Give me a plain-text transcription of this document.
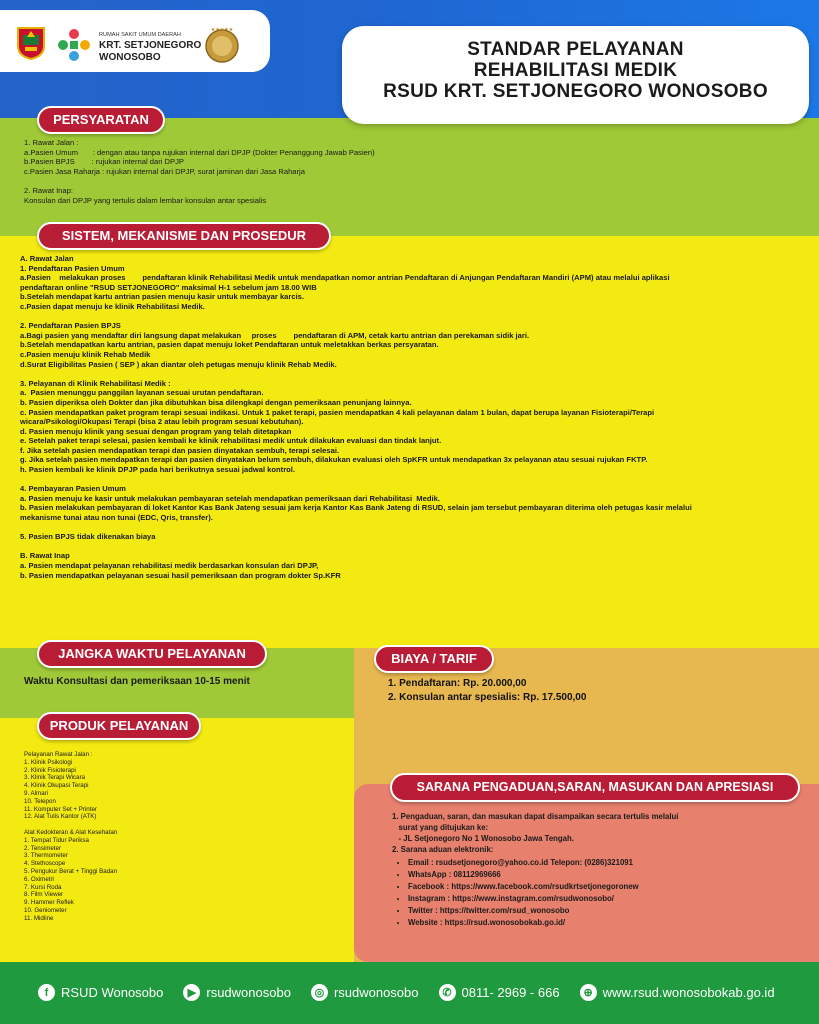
RUMAH SAKIT UMUM DAERAH
KRT. SETJONEGORO
WONOSOBO
★★★★★
STANDAR PELAYANAN
REHABILITASI MEDIK
RSUD KRT. SETJONEGORO WONOSOBO
PERSYARATAN
1. Rawat Jalan :
a.Pasien Umum       : dengan atau tanpa rujukan internal dari DPJP (Dokter Penanggung Jawab Pasien)
b.Pasien BPJS        : rujukan internal dari DPJP
c.Pasien Jasa Raharja : rujukan internal dari DPJP, surat jaminan dari Jasa Raharja

2. Rawat Inap:
Konsulan dari DPJP yang tertulis dalam lembar konsulan antar spesialis
SISTEM, MEKANISME DAN PROSEDUR
A. Rawat Jalan
1. Pendaftaran Pasien Umum
a.Pasien    melakukan proses        pendaftaran klinik Rehabilitasi Medik untuk mendapatkan nomor antrian Pendaftaran di Anjungan Pendaftaran Mandiri (APM) atau melalui aplikasi
pendaftaran online "RSUD SETJONEGORO" maksimal H-1 sebelum jam 18.00 WIB
b.Setelah mendapat kartu antrian pasien menuju kasir untuk membayar karcis.
c.Pasien dapat menuju ke klinik Rehabilitasi Medik.

2. Pendaftaran Pasien BPJS
a.Bagi pasien yang mendaftar diri langsung dapat melakukan     proses        pendaftaran di APM, cetak kartu antrian dan perekaman sidik jari.
b.Setelah mendapatkan kartu antrian, pasien dapat menuju loket Pendaftaran untuk meletakkan berkas persyaratan.
c.Pasien menuju klinik Rehab Medik
d.Surat Eligibilitas Pasien ( SEP ) akan diantar oleh petugas menuju klinik Rehab Medik.

3. Pelayanan di Klinik Rehabilitasi Medik :
a.  Pasien menunggu panggilan layanan sesuai urutan pendaftaran.
b. Pasien diperiksa oleh Dokter dan jika dibutuhkan bisa dilengkapi dengan pemeriksaan penunjang lainnya.
c. Pasien mendapatkan paket program terapi sesuai indikasi. Untuk 1 paket terapi, pasien mendapatkan 4 kali pelayanan dalam 1 bulan, dapat berupa layanan Fisioterapi/Terapi
wicara/Psikologi/Okupasi Terapi (bisa 2 atau lebih program sesuai kebutuhan).
d. Pasien menuju klinik yang sesuai dengan program yang telah ditetapkan
e. Setelah paket terapi selesai, pasien kembali ke klinik rehabilitasi medik untuk dilakukan evaluasi dan tindak lanjut.
f. Jika setelah pasien mendapatkan terapi dan pasien dinyatakan sembuh, terapi selesai.
g. Jika setelah pasien mendapatkan terapi dan pasien dinyatakan belum sembuh, dilakukan evaluasi oleh SpKFR untuk mendapatkan 3x pelayanan atau sesuai rujukan FKTP.
h. Pasien kembali ke klinik DPJP pada hari berikutnya sesuai jadwal kontrol.

4. Pembayaran Pasien Umum
a. Pasien menuju ke kasir untuk melakukan pembayaran setelah mendapatkan pemeriksaan dari Rehabilitasi  Medik.
b. Pasien melakukan pembayaran di loket Kantor Kas Bank Jateng sesuai jam kerja Kantor Kas Bank Jateng di RSUD, selain jam tersebut pembayaran diterima oleh petugas kasir melalui
mekanisme tunai atau non tunai (EDC, Qris, transfer).

5. Pasien BPJS tidak dikenakan biaya

B. Rawat Inap
a. Pasien mendapat pelayanan rehabilitasi medik berdasarkan konsulan dari DPJP,
b. Pasien mendapatkan pelayanan sesuai hasil pemeriksaan dan program dokter Sp.KFR
JANGKA WAKTU PELAYANAN
Waktu Konsultasi dan pemeriksaan 10-15 menit
BIAYA / TARIF
1. Pendaftaran: Rp. 20.000,00
2. Konsulan antar spesialis: Rp. 17.500,00
PRODUK PELAYANAN
Pelayanan Rawat Jalan :
1. Klinik Psikologi
2. Klinik Fisioterapi
3. Klinik Terapi Wicara
4. Klinik Okupasi Terapi
9. Almari
10. Telepon
11. Komputer Set + Printer
12. Alat Tulis Kantor (ATK)

Alat Kedokteran & Alat Kesehatan
1. Tempat Tidur Periksa
2. Tensimeter
3. Thermometer
4. Stethoscope
5. Pengukur Berat + Tinggi Badan
6. Oximetri
7. Kursi Roda
8. Film Viewer
9. Hammer Reflek
10. Geniometer
11. Midline
SARANA PENGADUAN,SARAN, MASUKAN DAN APRESIASI
1. Pengaduan, saran, dan masukan dapat disampaikan secara tertulis melalui
surat yang ditujukan ke:
- JL Setjonegoro No 1 Wonosobo Jawa Tengah.
2. Sarana aduan elektronik:
• Email : rsudsetjonegoro@yahoo.co.id Telepon: (0286)321091
• WhatsApp : 08112969666
• Facebook : https://www.facebook.com/rsudkrtsetjonegoronew
• Instagram : https://www.instagram.com/rsudwonosobo/
• Twitter : https://twitter.com/rsud_wonosobo
• Website : https://rsud.wonosobokab.go.id/
f RSUD Wonosobo	▶ rsudwonosobo	◎ rsudwonosobo	✆ 0811- 2969 - 666	⊕ www.rsud.wonosobokab.go.id
